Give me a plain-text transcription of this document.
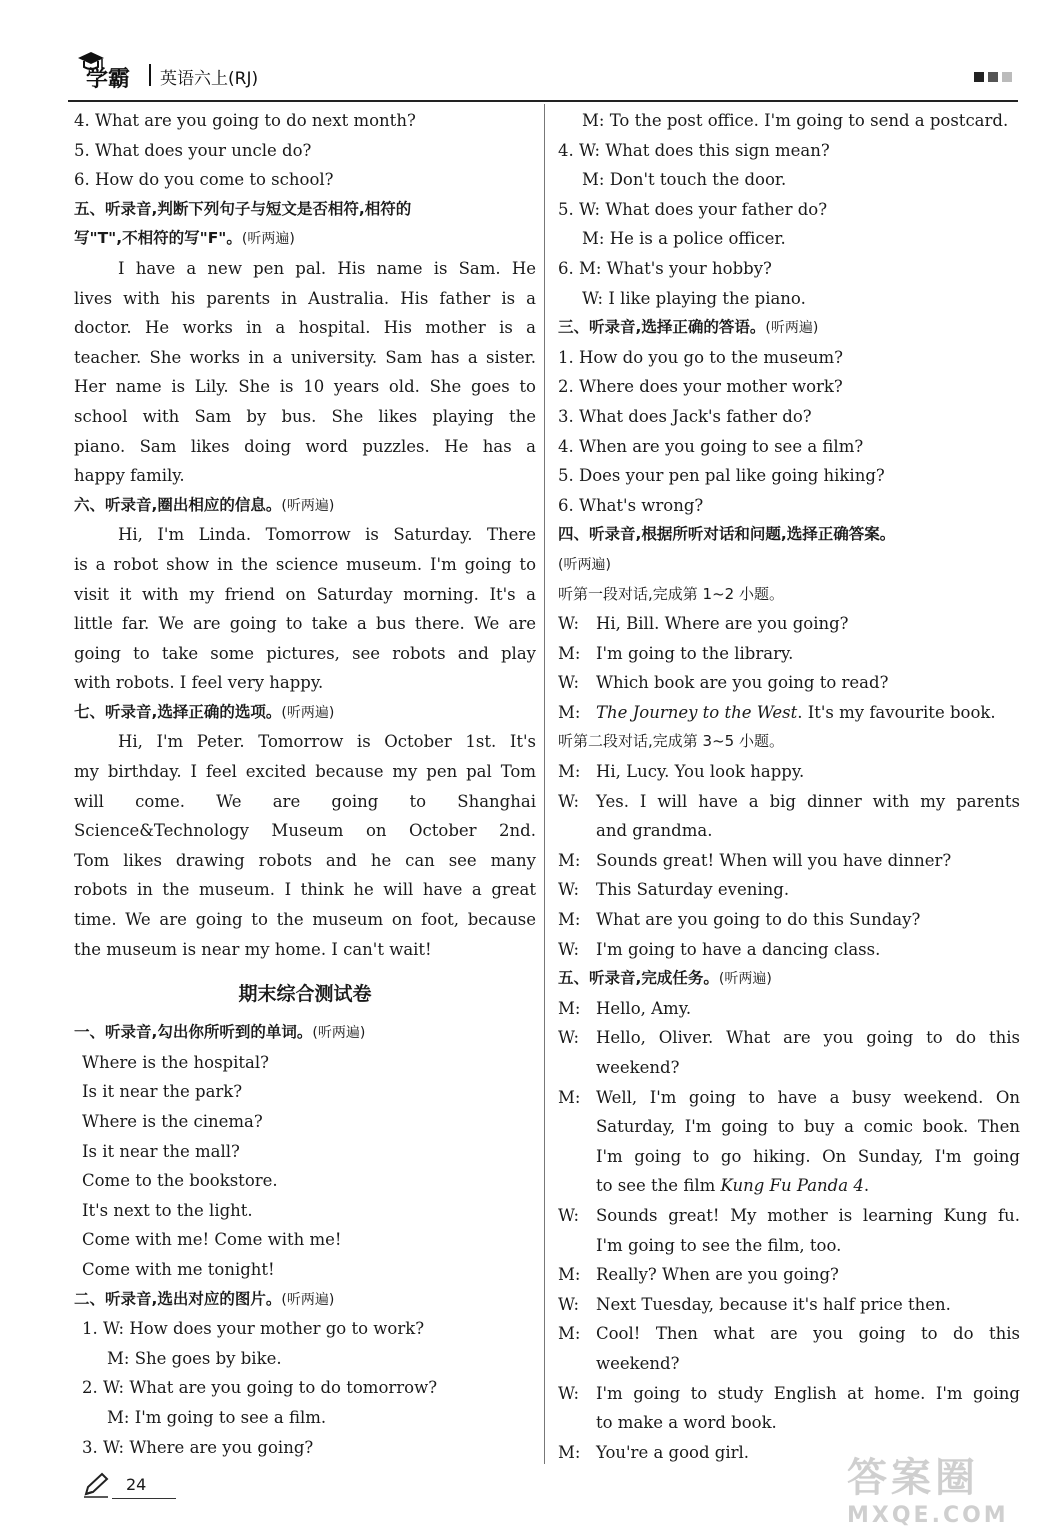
学霸 英语六上(RJ)
4. What are you going to do next month?
5. What does your uncle do?
6. How do you come to school?
五、听录音,判断下列句子与短文是否相符,相符的
写"T",不相符的写"F"。(听两遍)
I have a new pen pal. His name is Sam. He
lives with his parents in Australia. His father is a
doctor. He works in a hospital. His mother is a
teacher. She works in a university. Sam has a sister.
Her name is Lily. She is 10 years old. She goes to
school with Sam by bus. She likes playing the
piano. Sam likes doing word puzzles. He has a
happy family.
六、听录音,圈出相应的信息。(听两遍)
Hi, I'm Linda. Tomorrow is Saturday. There
is a robot show in the science museum. I'm going to
visit it with my friend on Saturday morning. It's a
little far. We are going to take a bus there. We are
going to take some pictures, see robots and play
with robots. I feel very happy.
七、听录音,选择正确的选项。(听两遍)
Hi, I'm Peter. Tomorrow is October 1st. It's
my birthday. I feel excited because my pen pal Tom
will come. We are going to Shanghai
Science&Technology Museum on October 2nd.
Tom likes drawing robots and he can see many
robots in the museum. I think he will have a great
time. We are going to the museum on foot, because
the museum is near my home. I can't wait!
期末综合测试卷
一、听录音,勾出你所听到的单词。(听两遍)
Where is the hospital?
Is it near the park?
Where is the cinema?
Is it near the mall?
Come to the bookstore.
It's next to the light.
Come with me! Come with me!
Come with me tonight!
二、听录音,选出对应的图片。(听两遍)
1. W: How does your mother go to work?
M: She goes by bike.
2. W: What are you going to do tomorrow?
M: I'm going to see a film.
3. W: Where are you going?
M: To the post office. I'm going to send a postcard.
4. W: What does this sign mean?
M: Don't touch the door.
5. W: What does your father do?
M: He is a police officer.
6. M: What's your hobby?
W: I like playing the piano.
三、听录音,选择正确的答语。(听两遍)
1. How do you go to the museum?
2. Where does your mother work?
3. What does Jack's father do?
4. When are you going to see a film?
5. Does your pen pal like going hiking?
6. What's wrong?
四、听录音,根据所听对话和问题,选择正确答案。
(听两遍)
听第一段对话,完成第 1~2 小题。
W:	Hi, Bill. Where are you going?
M: I'm going to the library.
W:	Which book are you going to read?
M: The Journey to the West. It's my favourite book.
听第二段对话,完成第 3~5 小题。
M: Hi, Lucy. You look happy.
W:	Yes. I will have a big dinner with my parents
and grandma.
M: Sounds great! When will you have dinner?
W:	This Saturday evening.
M: What are you going to do this Sunday?
W:	I'm going to have a dancing class.
五、听录音,完成任务。(听两遍)
M: Hello, Amy.
W:	Hello, Oliver. What are you going to do this
weekend?
M: Well, I'm going to have a busy weekend. On
Saturday, I'm going to buy a comic book. Then
I'm going to go hiking. On Sunday, I'm going
to see the film Kung Fu Panda 4.
W:	Sounds great! My mother is learning Kung fu.
I'm going to see the film, too.
M: Really? When are you going?
W:	Next Tuesday, because it's half price then.
M: Cool! Then what are you going to do this
weekend?
W:	I'm going to study English at home. I'm going
to make a word book.
M: You're a good girl.
24	答案圈
MXQE.COM
